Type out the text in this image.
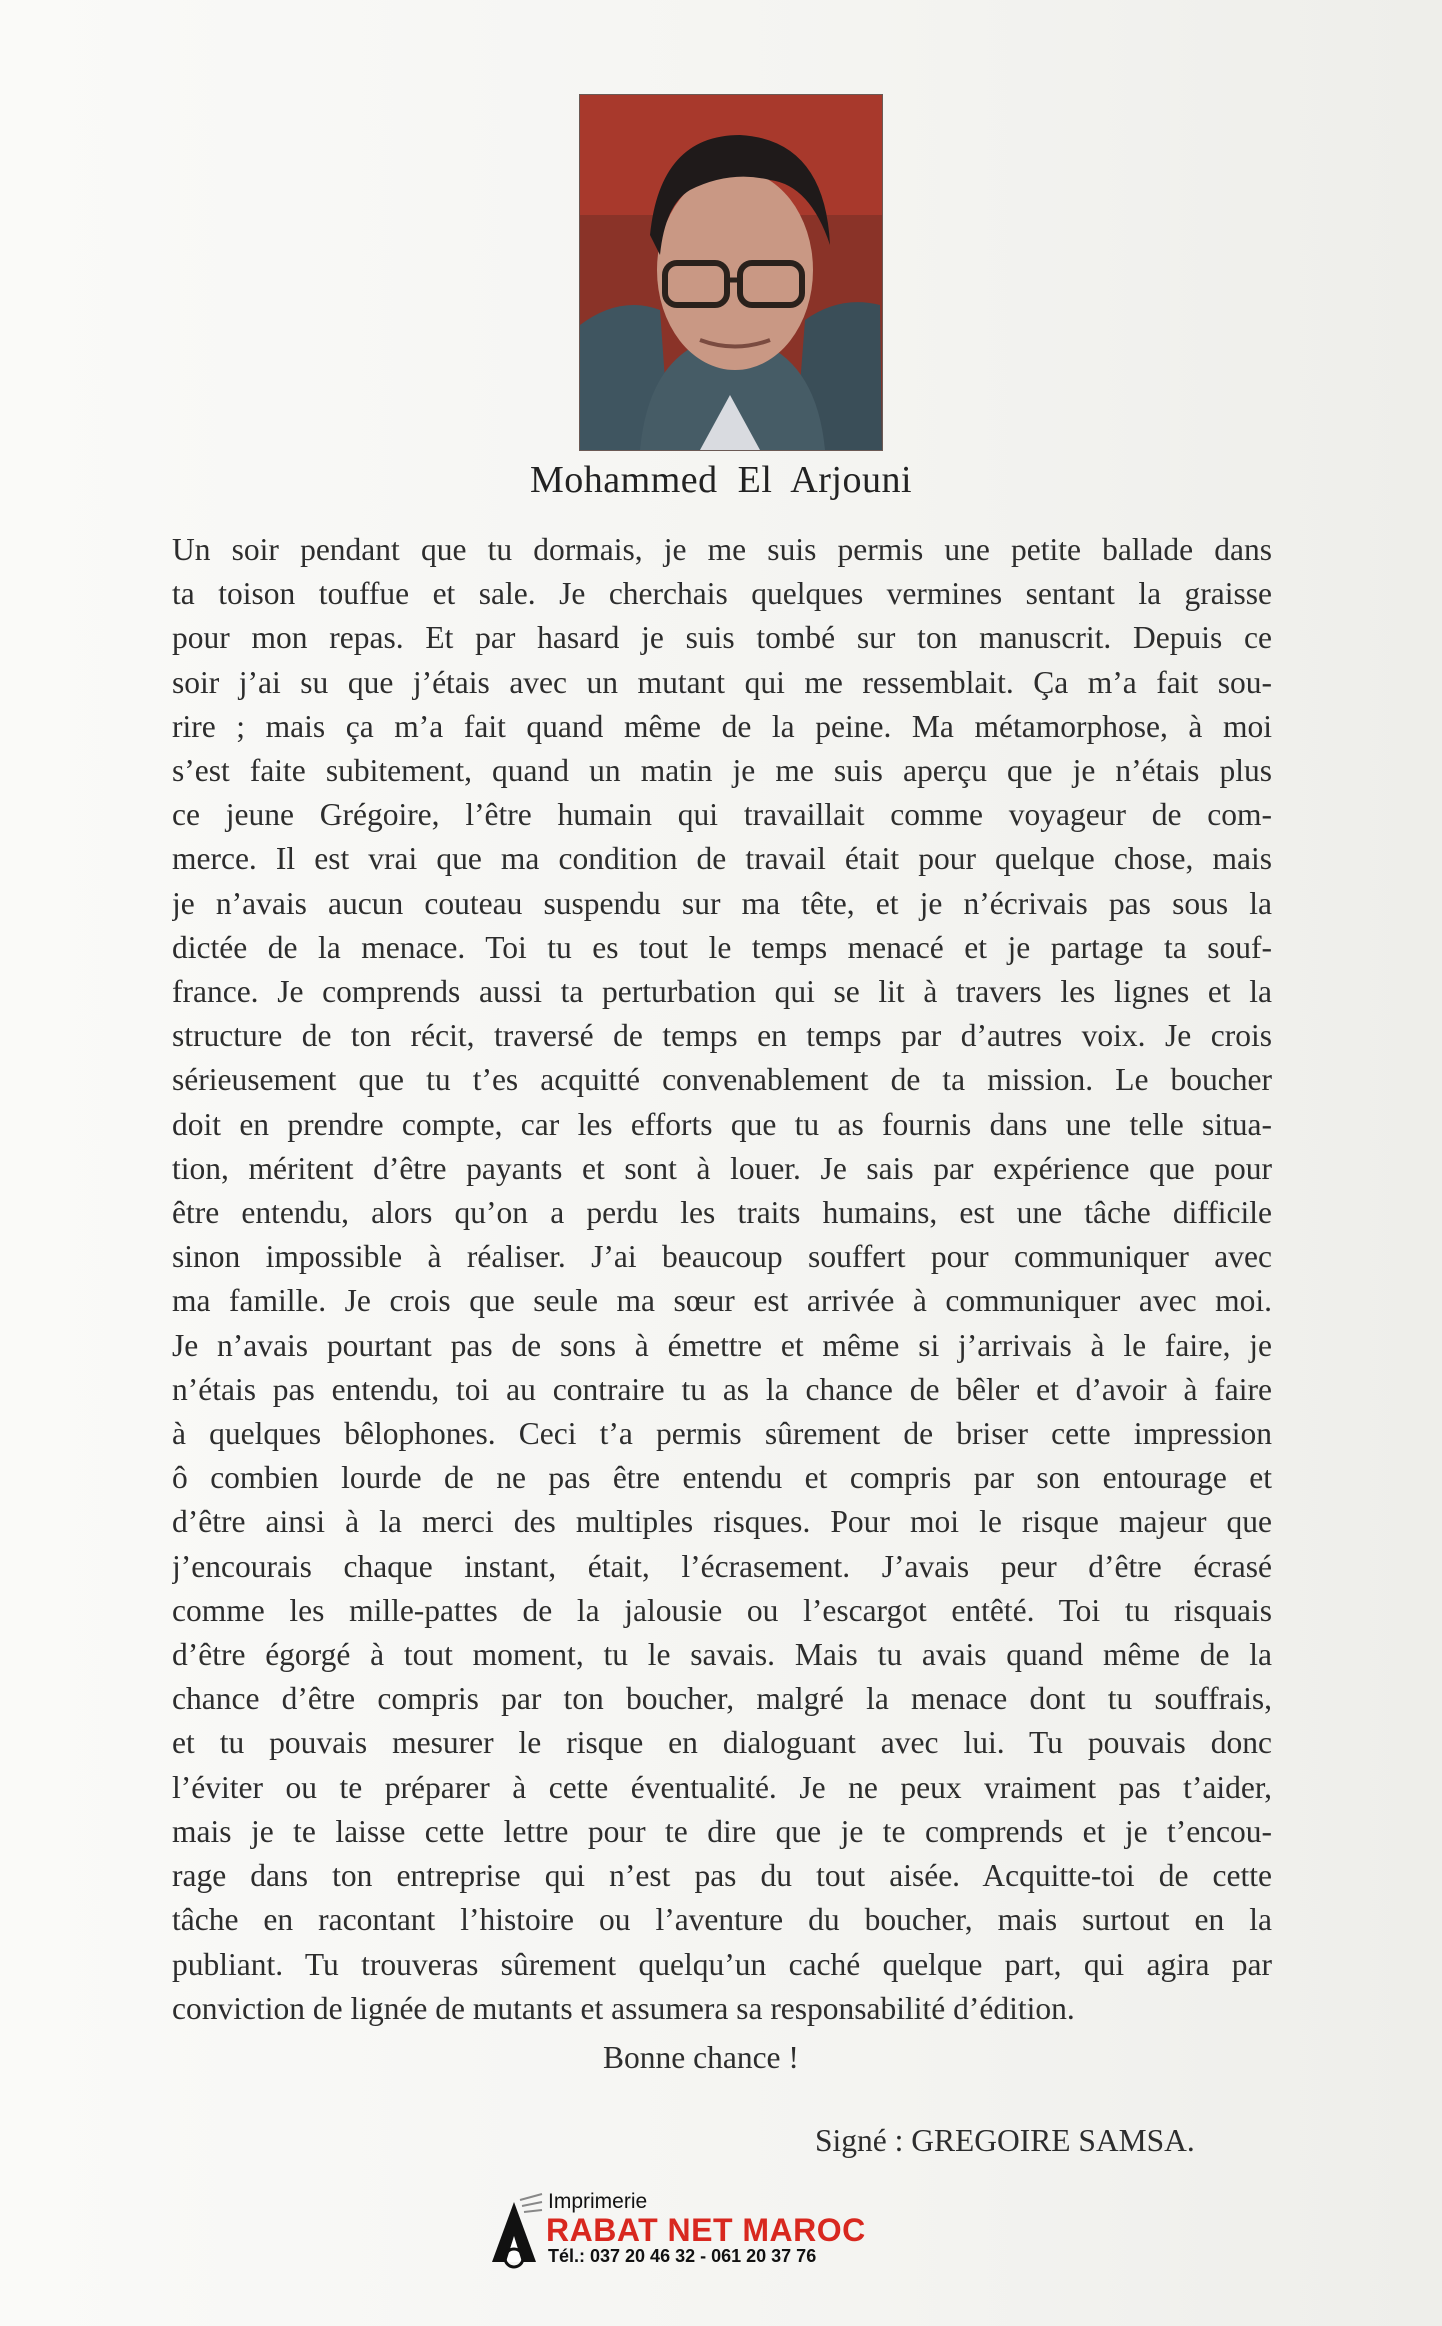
Mohammed El Arjouni
Un soir pendant que tu dormais, je me suis permis une petite ballade dans
ta toison touffue et sale. Je cherchais quelques vermines sentant la graisse
pour mon repas. Et par hasard je suis tombé sur ton manuscrit. Depuis ce
soir j’ai su que j’étais avec un mutant qui me ressemblait. Ça m’a fait sou-
rire ; mais ça m’a fait quand même de la peine. Ma métamorphose, à moi
s’est faite subitement, quand un matin je me suis aperçu que je n’étais plus
ce jeune Grégoire, l’être humain qui travaillait comme voyageur de com-
merce. Il est vrai que ma condition de travail était pour quelque chose, mais
je n’avais aucun couteau suspendu sur ma tête, et je n’écrivais pas sous la
dictée de la menace. Toi tu es tout le temps menacé et je partage ta souf-
france. Je comprends aussi ta perturbation qui se lit à travers les lignes et la
structure de ton récit, traversé de temps en temps par d’autres voix. Je crois
sérieusement que tu t’es acquitté convenablement de ta mission. Le boucher
doit en prendre compte, car les efforts que tu as fournis dans une telle situa-
tion, méritent d’être payants et sont à louer. Je sais par expérience que pour
être entendu, alors qu’on a perdu les traits humains, est une tâche difficile
sinon impossible à réaliser. J’ai beaucoup souffert pour communiquer avec
ma famille. Je crois que seule ma sœur est arrivée à communiquer avec moi.
Je n’avais pourtant pas de sons à émettre et même si j’arrivais à le faire, je
n’étais pas entendu, toi au contraire tu as la chance de bêler et d’avoir à faire
à quelques bêlophones. Ceci t’a permis sûrement de briser cette impression
ô combien lourde de ne pas être entendu et compris par son entourage et
d’être ainsi à la merci des multiples risques. Pour moi le risque majeur que
j’encourais chaque instant, était, l’écrasement. J’avais peur d’être écrasé
comme les mille-pattes de la jalousie ou l’escargot entêté. Toi tu risquais
d’être égorgé à tout moment, tu le savais. Mais tu avais quand même de la
chance d’être compris par ton boucher, malgré la menace dont tu souffrais,
et tu pouvais mesurer le risque en dialoguant avec lui. Tu pouvais donc
l’éviter ou te préparer à cette éventualité. Je ne peux vraiment pas t’aider,
mais je te laisse cette lettre pour te dire que je te comprends et je t’encou-
rage dans ton entreprise qui n’est pas du tout aisée. Acquitte-toi de cette
tâche en racontant l’histoire ou l’aventure du boucher, mais surtout en la
publiant. Tu trouveras sûrement quelqu’un caché quelque part, qui agira par
conviction de lignée de mutants et assumera sa responsabilité d’édition.
Bonne chance !
Signé : GREGOIRE SAMSA.
Imprimerie
RABAT NET MAROC
Tél.: 037 20 46 32 - 061 20 37 76
